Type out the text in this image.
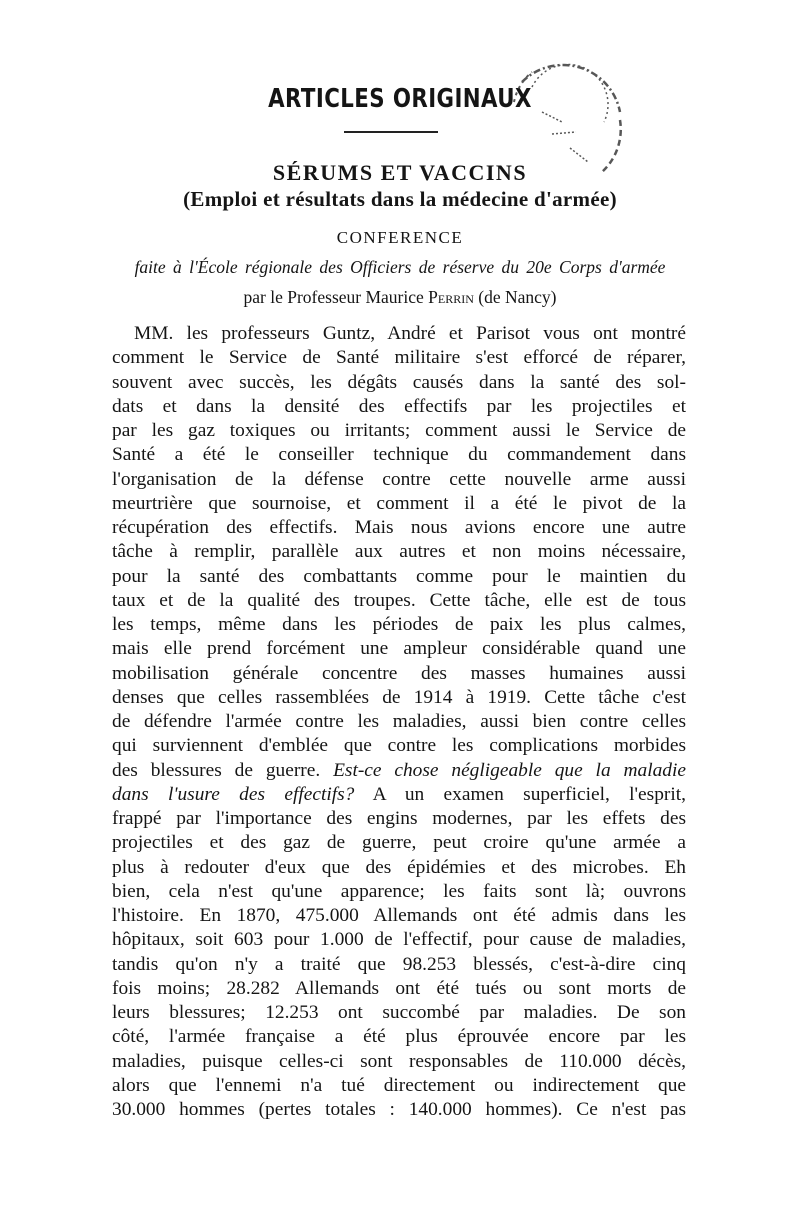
ARTICLES ORIGINAUX
SÉRUMS ET VACCINS
(Emploi et résultats dans la médecine d'armée)
CONFERENCE
faite à l'École régionale des Officiers de réserve du 20e Corps d'armée
par le Professeur Maurice Perrin (de Nancy)
MM. les professeurs Guntz, André et Parisot vous ont montré
comment le Service de Santé militaire s'est efforcé de réparer,
souvent avec succès, les dégâts causés dans la santé des sol-
dats et dans la densité des effectifs par les projectiles et
par les gaz toxiques ou irritants; comment aussi le Service de
Santé a été le conseiller technique du commandement dans
l'organisation de la défense contre cette nouvelle arme aussi
meurtrière que sournoise, et comment il a été le pivot de la
récupération des effectifs. Mais nous avions encore une autre
tâche à remplir, parallèle aux autres et non moins nécessaire,
pour la santé des combattants comme pour le maintien du
taux et de la qualité des troupes. Cette tâche, elle est de tous
les temps, même dans les périodes de paix les plus calmes,
mais elle prend forcément une ampleur considérable quand une
mobilisation générale concentre des masses humaines aussi
denses que celles rassemblées de 1914 à 1919. Cette tâche c'est
de défendre l'armée contre les maladies, aussi bien contre celles
qui surviennent d'emblée que contre les complications morbides
des blessures de guerre. Est-ce chose négligeable que la maladie
dans l'usure des effectifs? A un examen superficiel, l'esprit,
frappé par l'importance des engins modernes, par les effets des
projectiles et des gaz de guerre, peut croire qu'une armée a
plus à redouter d'eux que des épidémies et des microbes. Eh
bien, cela n'est qu'une apparence; les faits sont là; ouvrons
l'histoire. En 1870, 475.000 Allemands ont été admis dans les
hôpitaux, soit 603 pour 1.000 de l'effectif, pour cause de maladies,
tandis qu'on n'y a traité que 98.253 blessés, c'est-à-dire cinq
fois moins; 28.282 Allemands ont été tués ou sont morts de
leurs blessures; 12.253 ont succombé par maladies. De son
côté, l'armée française a été plus éprouvée encore par les
maladies, puisque celles-ci sont responsables de 110.000 décès,
alors que l'ennemi n'a tué directement ou indirectement que
30.000 hommes (pertes totales : 140.000 hommes). Ce n'est pas
